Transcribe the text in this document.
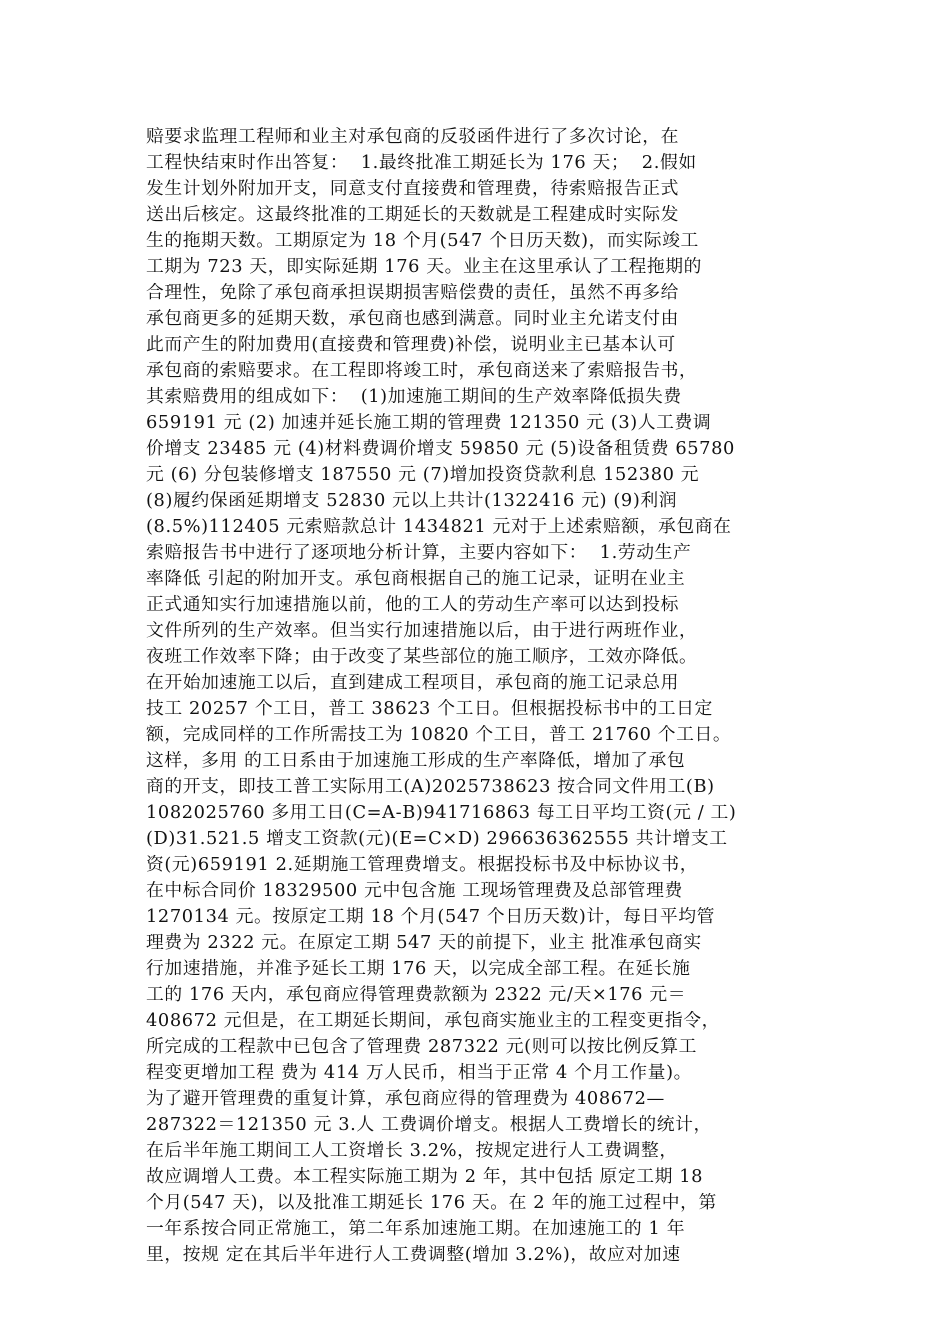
赔要求监理工程师和业主对承包商的反驳函件进行了多次讨论，在
工程快结束时作出答复：  1.最终批准工期延长为 176 天；  2.假如
发生计划外附加开支，同意支付直接费和管理费，待索赔报告正式
送出后核定。这最终批准的工期延长的天数就是工程建成时实际发
生的拖期天数。工期原定为 18 个月(547 个日历天数)，而实际竣工
工期为 723 天，即实际延期 176 天。业主在这里承认了工程拖期的
合理性，免除了承包商承担误期损害赔偿费的责任，虽然不再多给
承包商更多的延期天数，承包商也感到满意。同时业主允诺支付由
此而产生的附加费用(直接费和管理费)补偿，说明业主已基本认可
承包商的索赔要求。在工程即将竣工时，承包商送来了索赔报告书，
其索赔费用的组成如下：  (1)加速施工期间的生产效率降低损失费
659191 元 (2) 加速并延长施工期的管理费 121350 元 (3)人工费调
价增支 23485 元 (4)材料费调价增支 59850 元 (5)设备租赁费 65780
元 (6) 分包装修增支 187550 元 (7)增加投资贷款利息 152380 元
(8)履约保函延期增支 52830 元以上共计(1322416 元) (9)利润
(8.5%)112405 元索赔款总计 1434821 元对于上述索赔额，承包商在
索赔报告书中进行了逐项地分析计算，主要内容如下：  1.劳动生产
率降低 引起的附加开支。承包商根据自己的施工记录，证明在业主
正式通知实行加速措施以前，他的工人的劳动生产率可以达到投标
文件所列的生产效率。但当实行加速措施以后，由于进行两班作业，
夜班工作效率下降；由于改变了某些部位的施工顺序，工效亦降低。
在开始加速施工以后，直到建成工程项目，承包商的施工记录总用
技工 20257 个工日，普工 38623 个工日。但根据投标书中的工日定
额，完成同样的工作所需技工为 10820 个工日，普工 21760 个工日。
这样，多用 的工日系由于加速施工形成的生产率降低，增加了承包
商的开支，即技工普工实际用工(A)2025738623 按合同文件用工(B)
1082025760 多用工日(C=A-B)941716863 每工日平均工资(元 / 工)
(D)31.521.5 增支工资款(元)(E=C×D) 296636362555 共计增支工
资(元)659191 2.延期施工管理费增支。根据投标书及中标协议书，
在中标合同价 18329500 元中包含施 工现场管理费及总部管理费
1270134 元。按原定工期 18 个月(547 个日历天数)计，每日平均管
理费为 2322 元。在原定工期 547 天的前提下，业主 批准承包商实
行加速措施，并准予延长工期 176 天，以完成全部工程。在延长施
工的 176 天内，承包商应得管理费款额为 2322 元/天×176 元＝
408672 元但是，在工期延长期间，承包商实施业主的工程变更指令，
所完成的工程款中已包含了管理费 287322 元(则可以按比例反算工
程变更增加工程 费为 414 万人民币，相当于正常 4 个月工作量)。
为了避开管理费的重复计算，承包商应得的管理费为 408672—
287322＝121350 元 3.人 工费调价增支。根据人工费增长的统计，
在后半年施工期间工人工资增长 3.2%，按规定进行人工费调整，
故应调增人工费。本工程实际施工期为 2 年，其中包括 原定工期 18
个月(547 天)，以及批准工期延长 176 天。在 2 年的施工过程中，第
一年系按合同正常施工，第二年系加速施工期。在加速施工的 1 年
里，按规 定在其后半年进行人工费调整(增加 3.2%)，故应对加速
